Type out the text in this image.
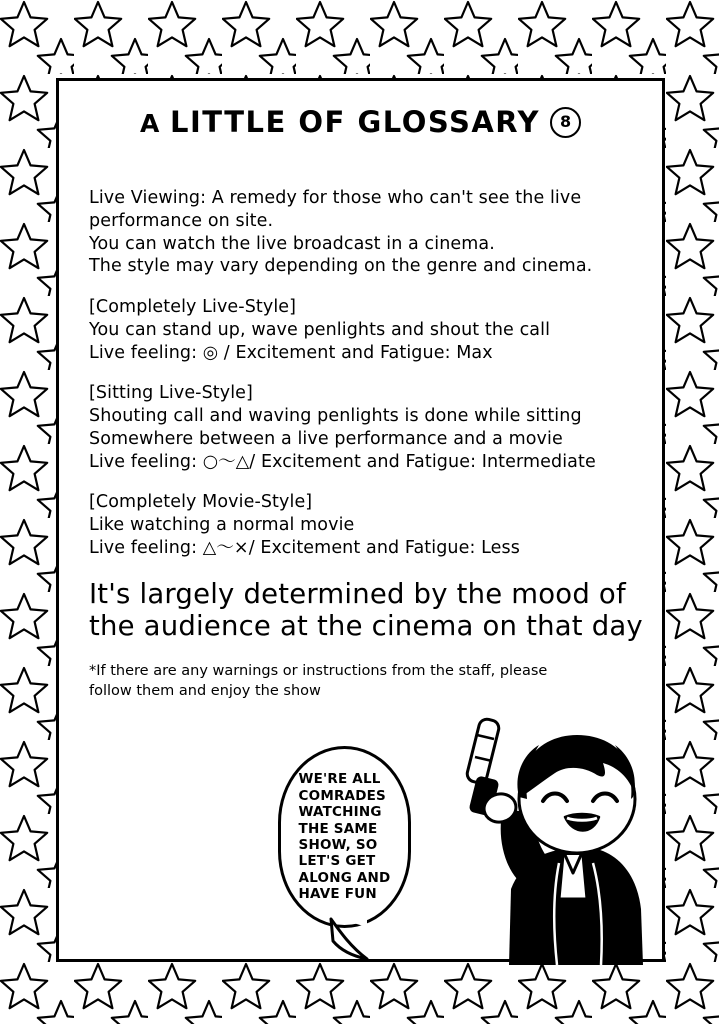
A LITTLE OF GLOSSARY	8

Live Viewing: A remedy for those who can't see the live
performance on site.
You can watch the live broadcast in a cinema.
The style may vary depending on the genre and cinema.

[Completely Live-Style]
You can stand up, wave penlights and shout the call
Live feeling: ◎ / Excitement and Fatigue: Max

[Sitting Live-Style]
Shouting call and waving penlights is done while sitting
Somewhere between a live performance and a movie
Live feeling: ○～△/ Excitement and Fatigue: Intermediate

[Completely Movie-Style]
Like watching a normal movie
Live feeling: △～×/ Excitement and Fatigue: Less

It's largely determined by the mood of
the audience at the cinema on that day
*If there are any warnings or instructions from the staff, please
follow them and enjoy the show
WE'RE ALL
COMRADES
WATCHING
THE SAME
SHOW, SO
LET'S GET
ALONG AND
HAVE FUN
